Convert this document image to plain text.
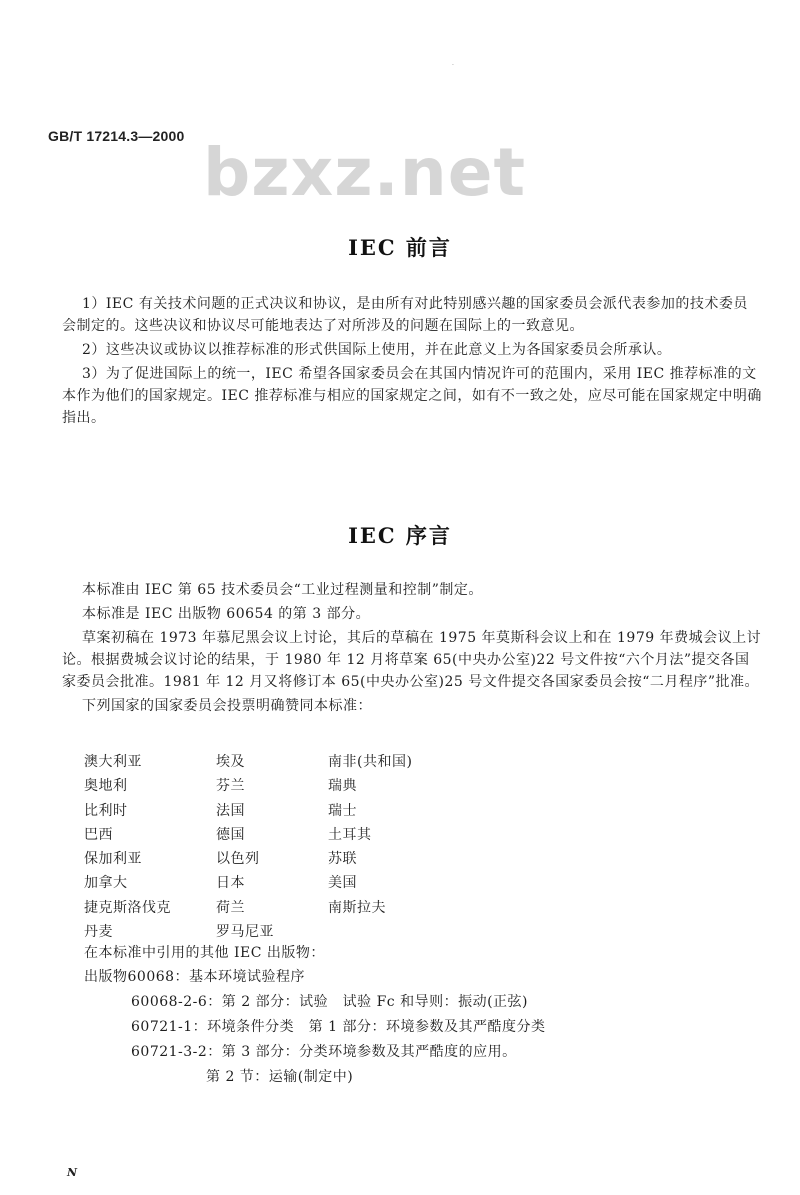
.
GB/T 17214.3—2000 bzxz.net
IEC 前言

1）IEC 有关技术问题的正式决议和协议，是由所有对此特别感兴趣的国家委员会派代表参加的技术委员会制定的。这些决议和协议尽可能地表达了对所涉及的问题在国际上的一致意见。

2）这些决议或协议以推荐标准的形式供国际上使用，并在此意义上为各国家委员会所承认。

3）为了促进国际上的统一，IEC 希望各国家委员会在其国内情况许可的范围内，采用 IEC 推荐标准的文本作为他们的国家规定。IEC 推荐标准与相应的国家规定之间，如有不一致之处，应尽可能在国家规定中明确指出。

IEC 序言

本标准由 IEC 第 65 技术委员会“工业过程测量和控制”制定。

本标准是 IEC 出版物 60654 的第 3 部分。

草案初稿在 1973 年慕尼黑会议上讨论，其后的草稿在 1975 年莫斯科会议上和在 1979 年费城会议上讨论。根据费城会议讨论的结果，于 1980 年 12 月将草案 65(中央办公室)22 号文件按“六个月法”提交各国家委员会批准。1981 年 12 月又将修订本 65(中央办公室)25 号文件提交各国家委员会按“二月程序”批准。

下列国家的国家委员会投票明确赞同本标准：

澳大利亚	埃及	南非(共和国)
奥地利	芬兰	瑞典
比利时	法国	瑞士
巴西	德国	土耳其
保加利亚	以色列	苏联
加拿大	日本	美国
捷克斯洛伐克	荷兰	南斯拉夫
丹麦	罗马尼亚
在本标准中引用的其他 IEC 出版物：
出版物60068：基本环境试验程序
60068-2-6：第 2 部分：试验　试验 Fc 和导则：振动(正弦)
60721-1：环境条件分类　第 1 部分：环境参数及其严酷度分类
60721-3-2：第 3 部分：分类环境参数及其严酷度的应用。
第 2 节：运输(制定中)
N
